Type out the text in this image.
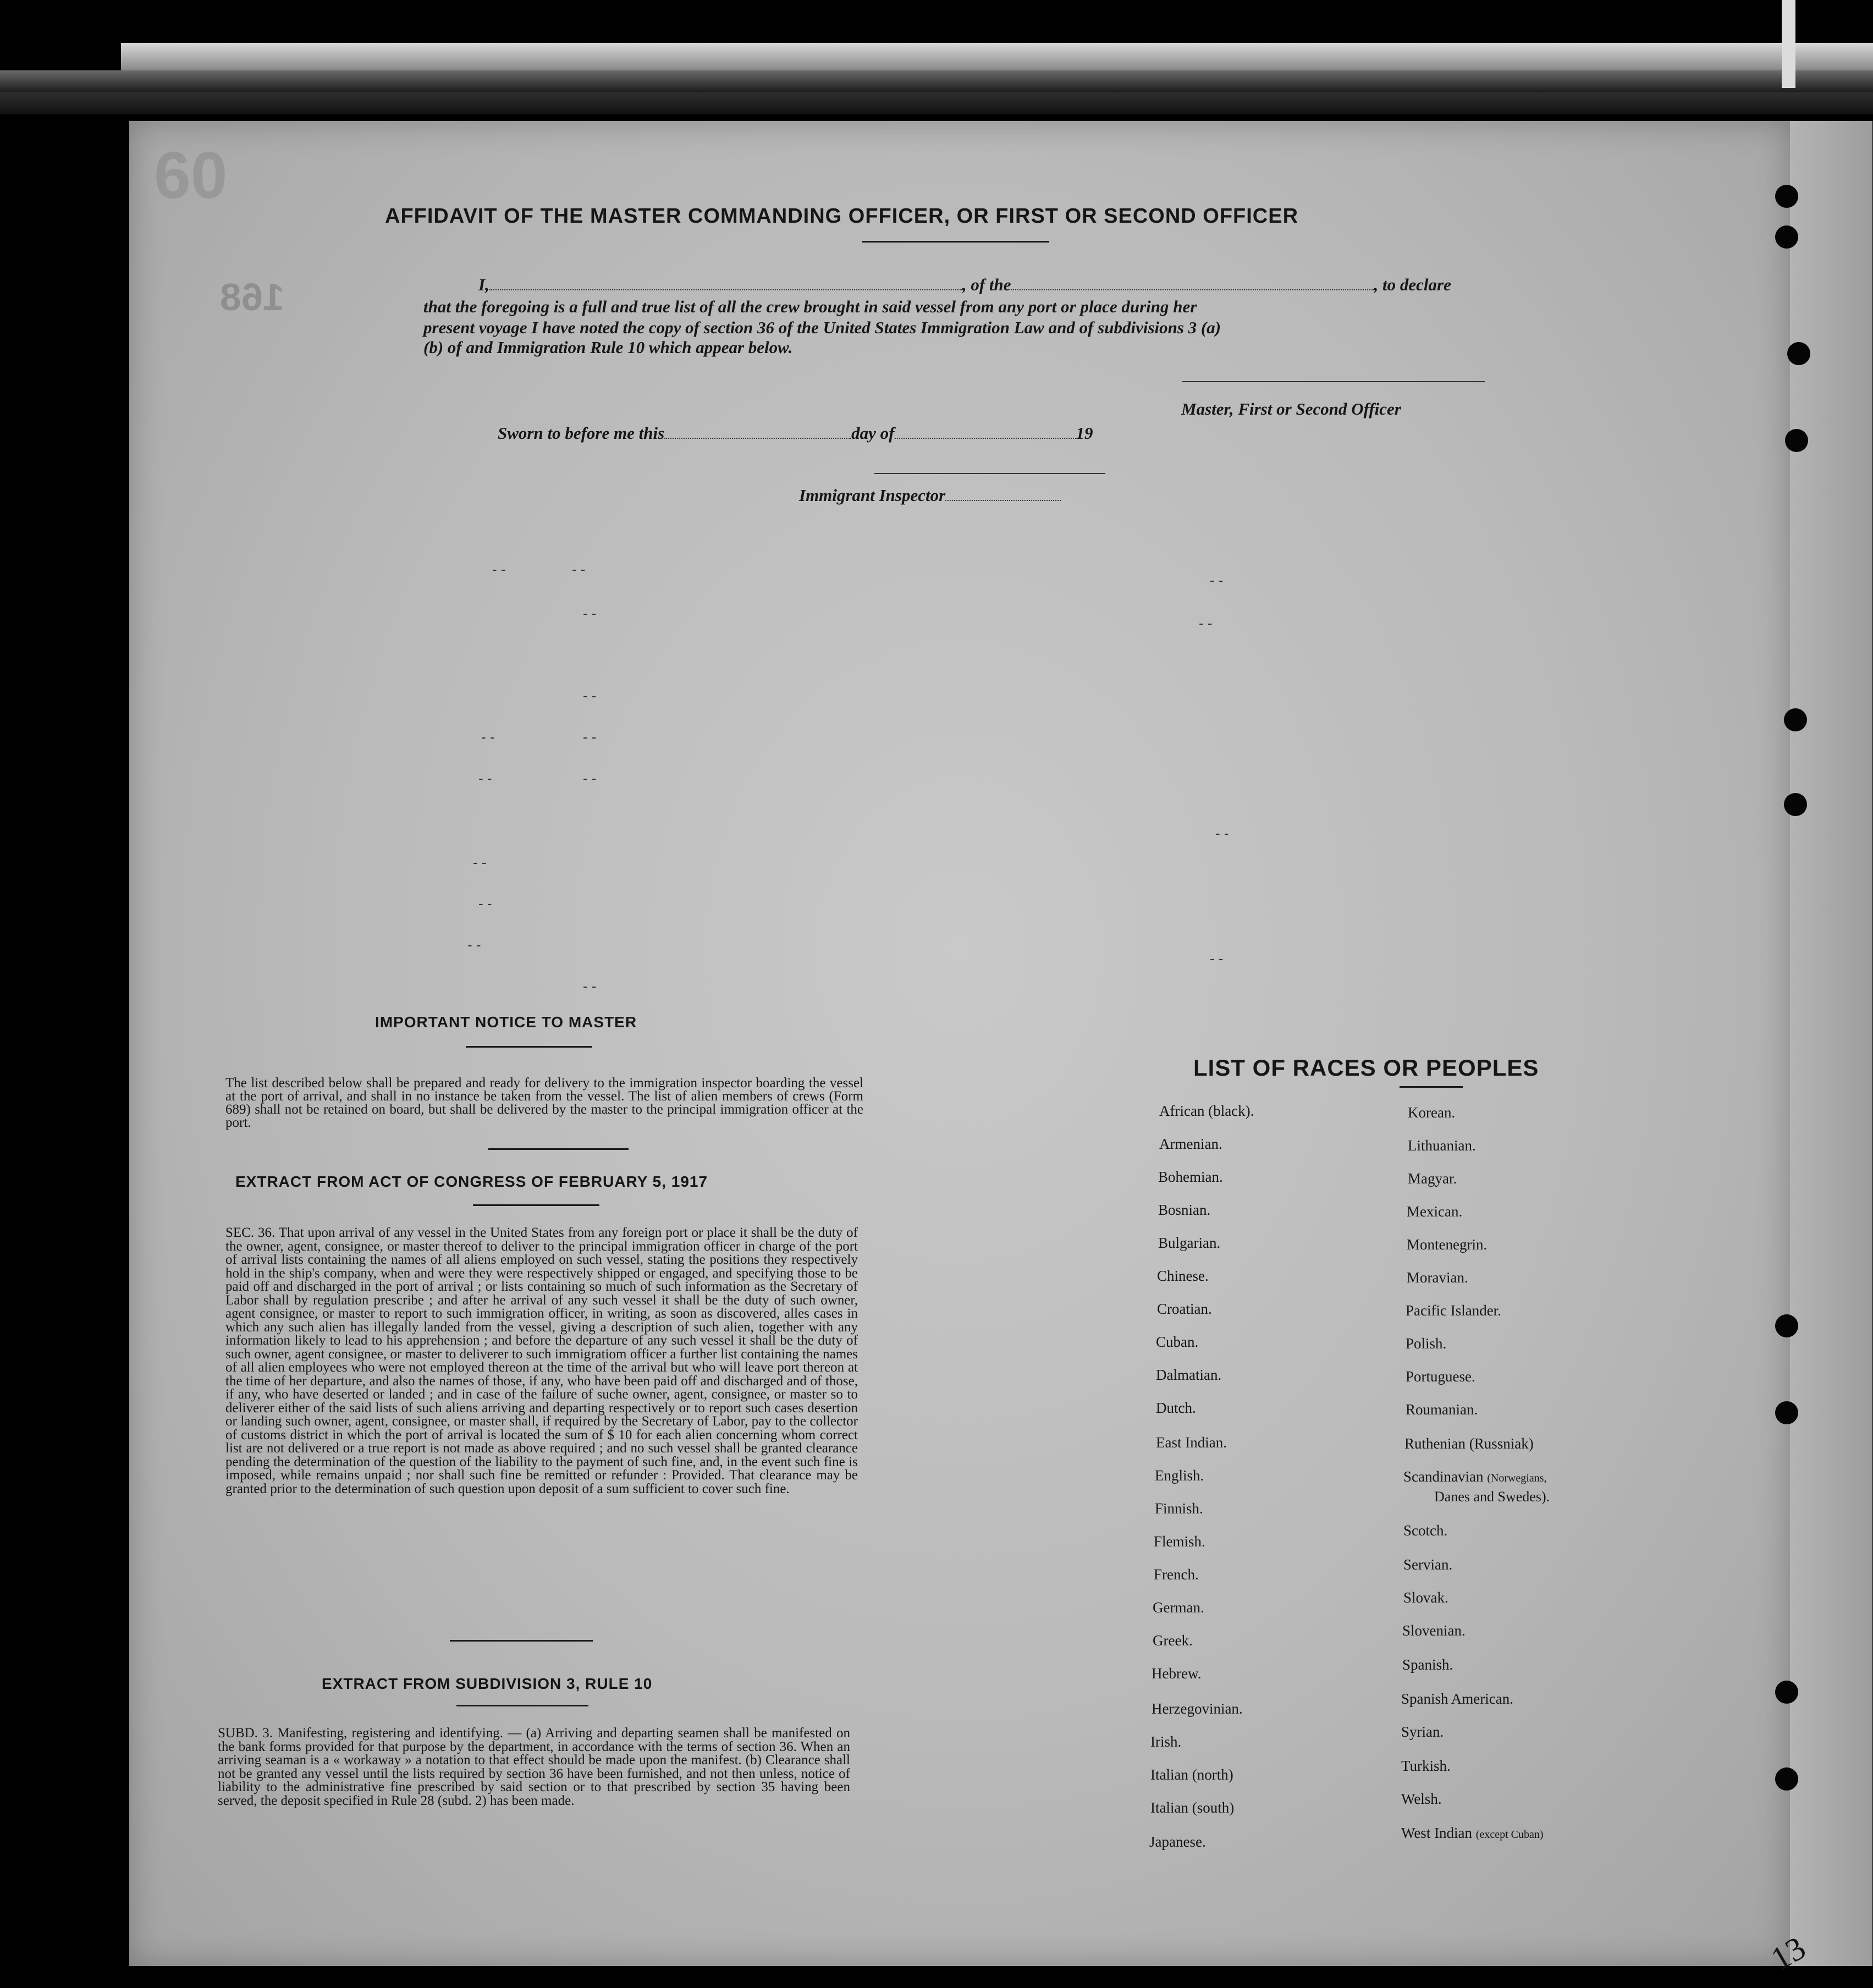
60
168
AFFIDAVIT OF THE MASTER COMMANDING OFFICER, OR FIRST OR SECOND OFFICER
I,	, of the	, to declare
that the foregoing is a full and true list of all the crew brought in said vessel from any port or place during her
present voyage I have noted the copy of section 36 of the United States Immigration Law and of subdivisions 3 (a)
(b) of and Immigration Rule 10 which appear below.
Master, First or Second Officer
Sworn to before me this	day of	19
Immigrant Inspector
- -	- -
- -
- -
- -	- -
- -	- -
- -
- -
- -
- -
- -
- -
- -
- -
IMPORTANT NOTICE TO MASTER
The list described below shall be prepared and ready for delivery to the immigration inspector boarding the vessel at the port of arrival, and shall in no instance be taken from the vessel. The list of alien members of crews (Form 689) shall not be retained on board, but shall be delivered by the master to the principal immigration officer at the port.
EXTRACT FROM ACT OF CONGRESS OF FEBRUARY 5, 1917
SEC. 36. That upon arrival of any vessel in the United States from any foreign port or place it shall be the duty of the owner, agent, consignee, or master thereof to deliver to the principal immigration officer in charge of the port of arrival lists containing the names of all aliens employed on such vessel, stating the positions they respectively hold in the ship's company, when and were they were respectively shipped or engaged, and specifying those to be paid off and discharged in the port of arrival ; or lists containing so much of such information as the Secretary of Labor shall by regulation prescribe ; and after he arrival of any such vessel it shall be the duty of such owner, agent consignee, or master to report to such immigration officer, in writing, as soon as discovered, alles cases in which any such alien has illegally landed from the vessel, giving a description of such alien, together with any information likely to lead to his apprehension ; and before the departure of any such vessel it shall be the duty of such owner, agent consignee, or master to deliverer to such immigratiom officer a further list containing the names of all alien employees who were not employed thereon at the time of the arrival but who will leave port thereon at the time of her departure, and also the names of those, if any, who have been paid off and discharged and of those, if any, who have deserted or landed ; and in case of the failure of suche owner, agent, consignee, or master so to deliverer either of the said lists of such aliens arriving and departing respectively or to report such cases desertion or landing such owner, agent, consignee, or master shall, if required by the Secretary of Labor, pay to the collector of customs district in which the port of arrival is located the sum of $ 10 for each alien concerning whom correct list are not delivered or a true report is not made as above required ; and no such vessel shall be granted clearance pending the determination of the question of the liability to the payment of such fine, and, in the event such fine is imposed, while remains unpaid ; nor shall such fine be remitted or refunder : Provided. That clearance may be granted prior to the determination of such question upon deposit of a sum sufficient to cover such fine.
EXTRACT FROM SUBDIVISION 3, RULE 10
SUBD. 3. Manifesting, registering and identifying. — (a) Arriving and departing seamen shall be manifested on the bank forms provided for that purpose by the department, in accordance with the terms of section 36. When an arriving seaman is a « workaway » a notation to that effect should be made upon the manifest. (b) Clearance shall not be granted any vessel until the lists required by section 36 have been furnished, and not then unless, notice of liability to the administrative fine prescribed by said section or to that prescribed by section 35 having been served, the deposit specified in Rule 28 (subd. 2) has been made.
LIST OF RACES OR PEOPLES
African (black).
Armenian.
Bohemian.
Bosnian.
Bulgarian.
Chinese.
Croatian.
Cuban.
Dalmatian.
Dutch.
East Indian.
English.
Finnish.
Flemish.
French.
German.
Greek.
Hebrew.
Herzegovinian.
Irish.
Italian (north)
Italian (south)
Japanese.
Korean.
Lithuanian.
Magyar.
Mexican.
Montenegrin.
Moravian.
Pacific Islander.
Polish.
Portuguese.
Roumanian.
Ruthenian (Russniak)
Scandinavian (Norwegians,
Danes and Swedes).
Scotch.
Servian.
Slovak.
Slovenian.
Spanish.
Spanish American.
Syrian.
Turkish.
Welsh.
West Indian (except Cuban)
13
